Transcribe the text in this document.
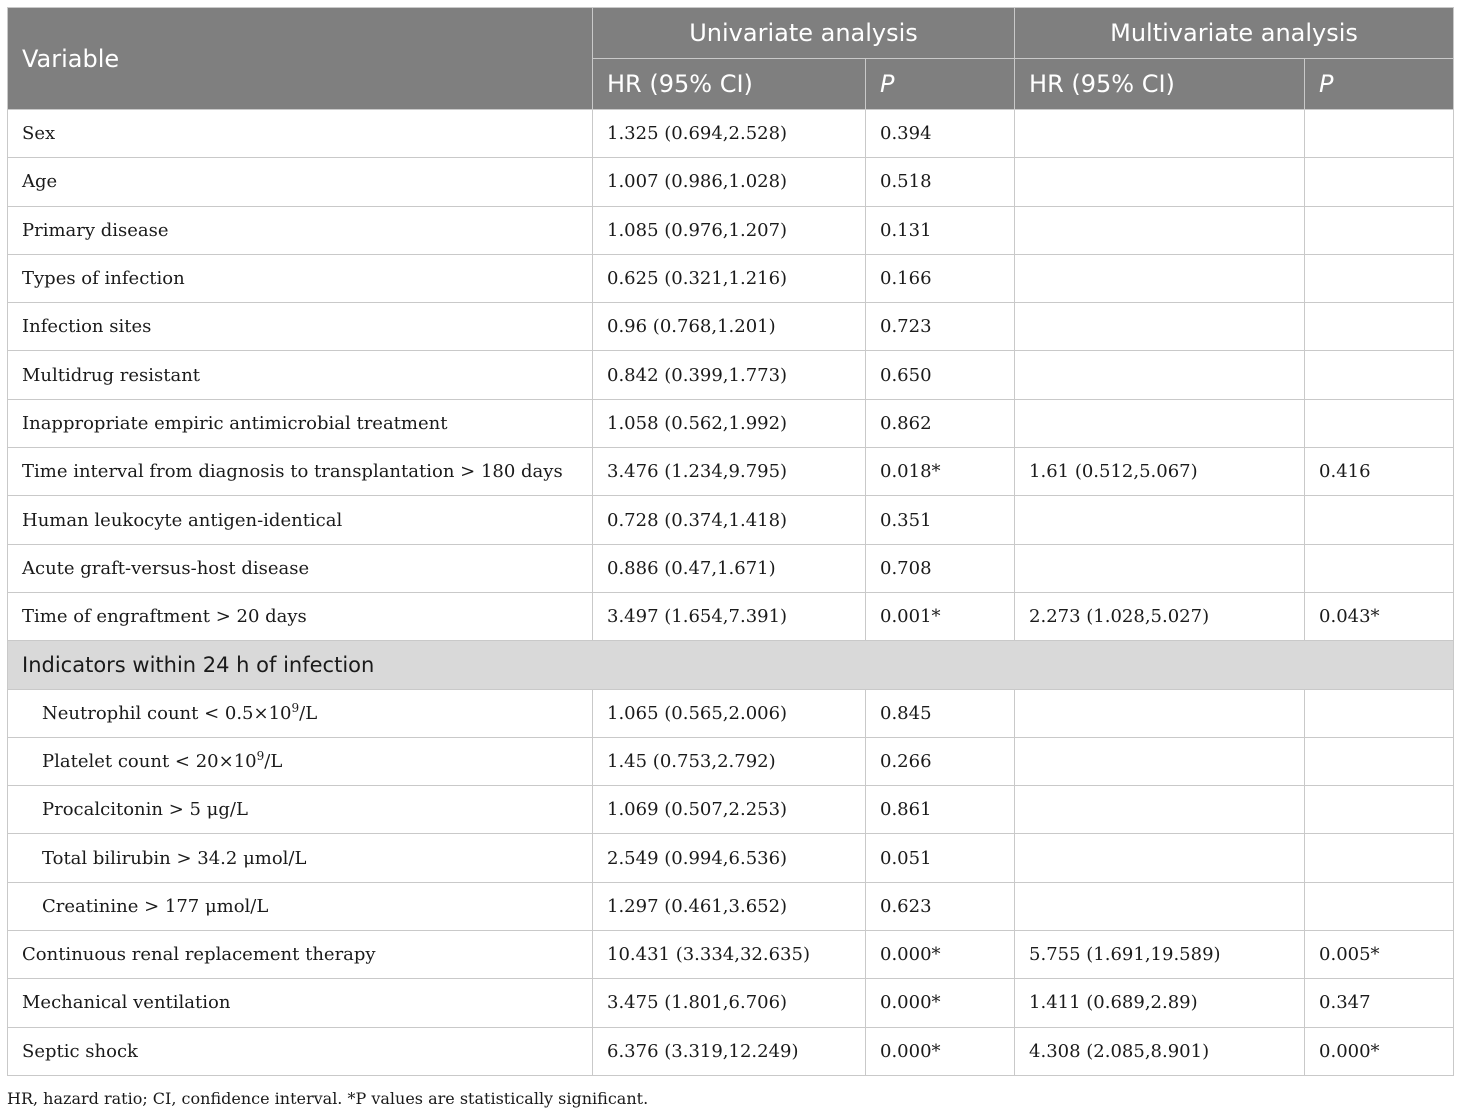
Variable	Univariate analysis		Multivariate analysis	
	HR (95% CI)	P	HR (95% CI)	P
Sex	1.325 (0.694,2.528)	0.394		
Age	1.007 (0.986,1.028)	0.518		
Primary disease	1.085 (0.976,1.207)	0.131		
Types of infection	0.625 (0.321,1.216)	0.166		
Infection sites	0.96 (0.768,1.201)	0.723		
Multidrug resistant	0.842 (0.399,1.773)	0.650		
Inappropriate empiric antimicrobial treatment	1.058 (0.562,1.992)	0.862		
Time interval from diagnosis to transplantation > 180 days	3.476 (1.234,9.795)	0.018*	1.61 (0.512,5.067)	0.416
Human leukocyte antigen-identical	0.728 (0.374,1.418)	0.351		
Acute graft-versus-host disease	0.886 (0.47,1.671)	0.708		
Time of engraftment > 20 days	3.497 (1.654,7.391)	0.001*	2.273 (1.028,5.027)	0.043*
Indicators within 24 h of infection				
Neutrophil count < $0.5\times 10^9/L$	1.065 (0.565,2.006)	0.845		
Platelet count < $20\times 10^9/L$	1.45 (0.753,2.792)	0.266		
Procalcitonin > 5 μg/L	1.069 (0.507,2.253)	0.861		
Total bilirubin > 34.2 μmol/L	2.549 (0.994,6.536)	0.051		
Creatinine > 177 μmol/L	1.297 (0.461,3.652)	0.623		
Continuous renal replacement therapy	10.431 (3.334,32.635)	0.000*	5.755 (1.691,19.589)	0.005*
Mechanical ventilation	3.475 (1.801,6.706)	0.000*	1.411 (0.689,2.89)	0.347
Septic shock	6.376 (3.319,12.249)	0.000*	4.308 (2.085,8.901)	0.000*
HR, hazard ratio; CI, confidence interval. *P values are statistically significant.
